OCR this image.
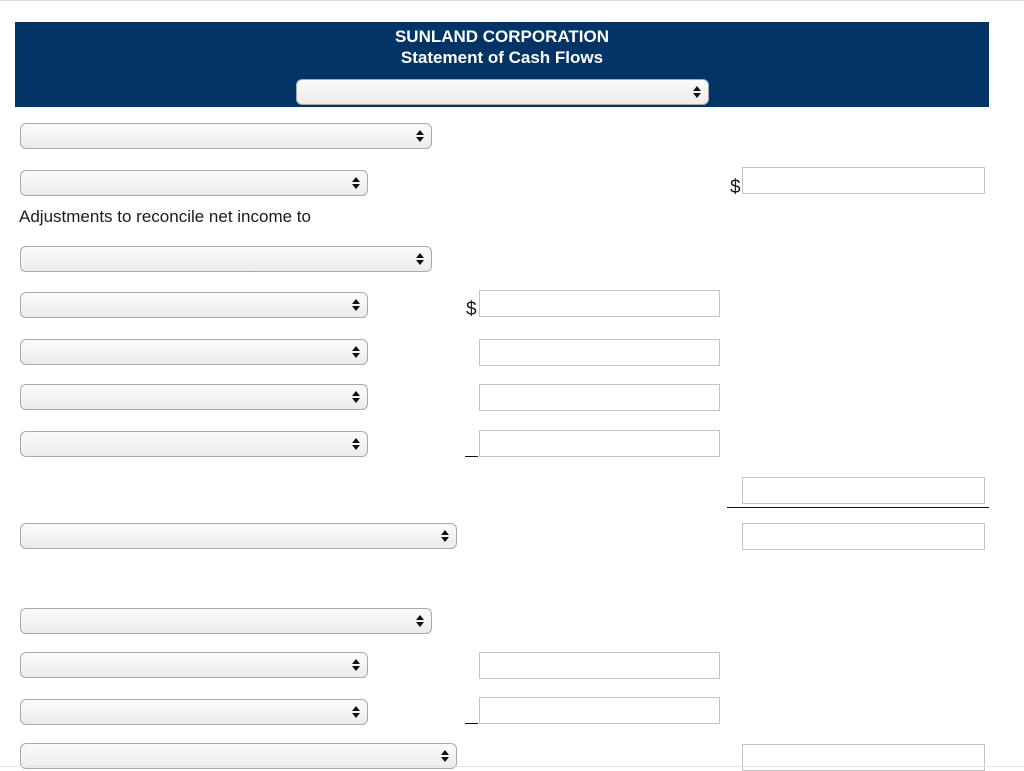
SUNLAND CORPORATION
Statement of Cash Flows
$
Adjustments to reconcile net income to
$
